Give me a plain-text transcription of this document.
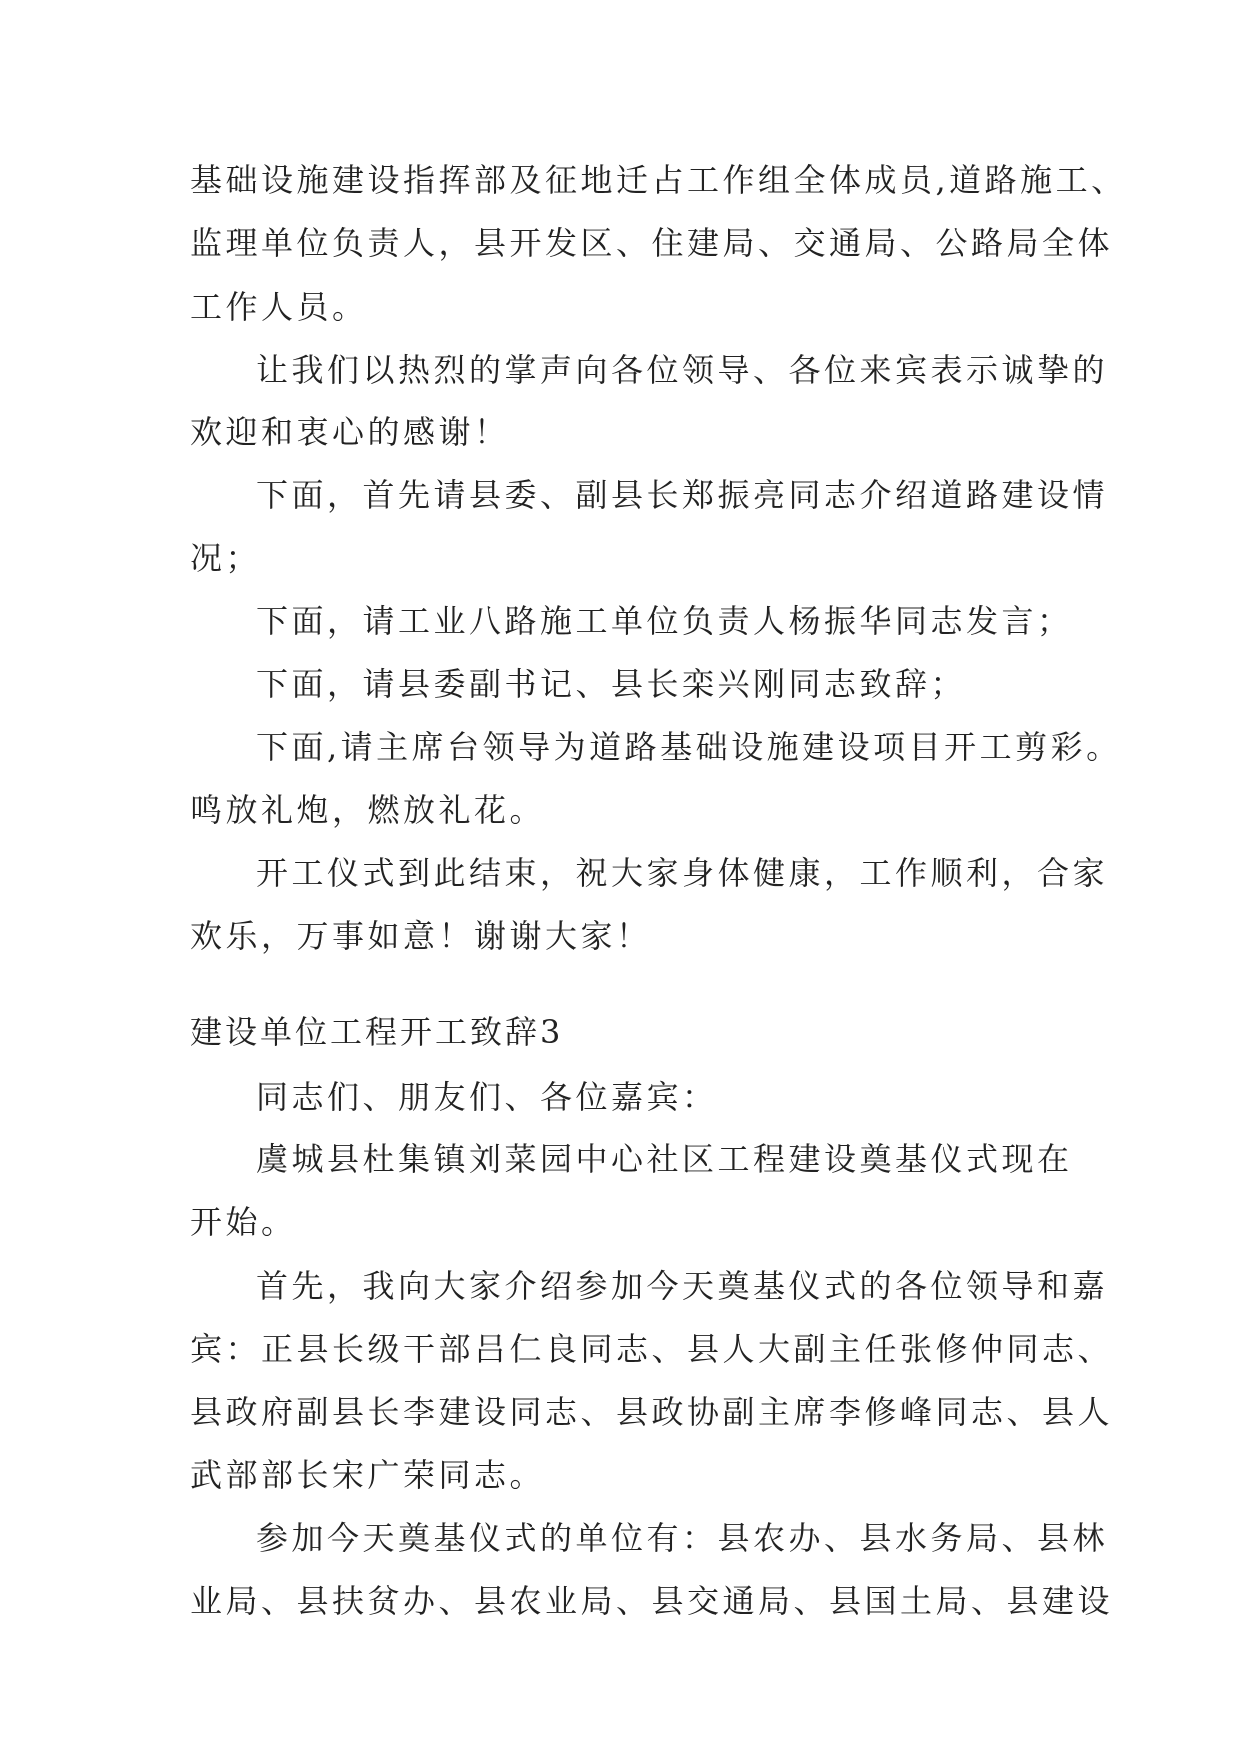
基础设施建设指挥部及征地迁占工作组全体成员,道路施工、
监理单位负责人，县开发区、住建局、交通局、公路局全体
工作人员。
让我们以热烈的掌声向各位领导、各位来宾表示诚挚的
欢迎和衷心的感谢！
下面，首先请县委、副县长郑振亮同志介绍道路建设情
况；
下面，请工业八路施工单位负责人杨振华同志发言；
下面，请县委副书记、县长栾兴刚同志致辞；
下面,请主席台领导为道路基础设施建设项目开工剪彩。
鸣放礼炮，燃放礼花。
开工仪式到此结束，祝大家身体健康，工作顺利，合家
欢乐，万事如意！谢谢大家！
建设单位工程开工致辞3
同志们、朋友们、各位嘉宾：
虞城县杜集镇刘菜园中心社区工程建设奠基仪式现在
开始。
首先，我向大家介绍参加今天奠基仪式的各位领导和嘉
宾：正县长级干部吕仁良同志、县人大副主任张修仲同志、
县政府副县长李建设同志、县政协副主席李修峰同志、县人
武部部长宋广荣同志。
参加今天奠基仪式的单位有：县农办、县水务局、县林
业局、县扶贫办、县农业局、县交通局、县国土局、县建设
